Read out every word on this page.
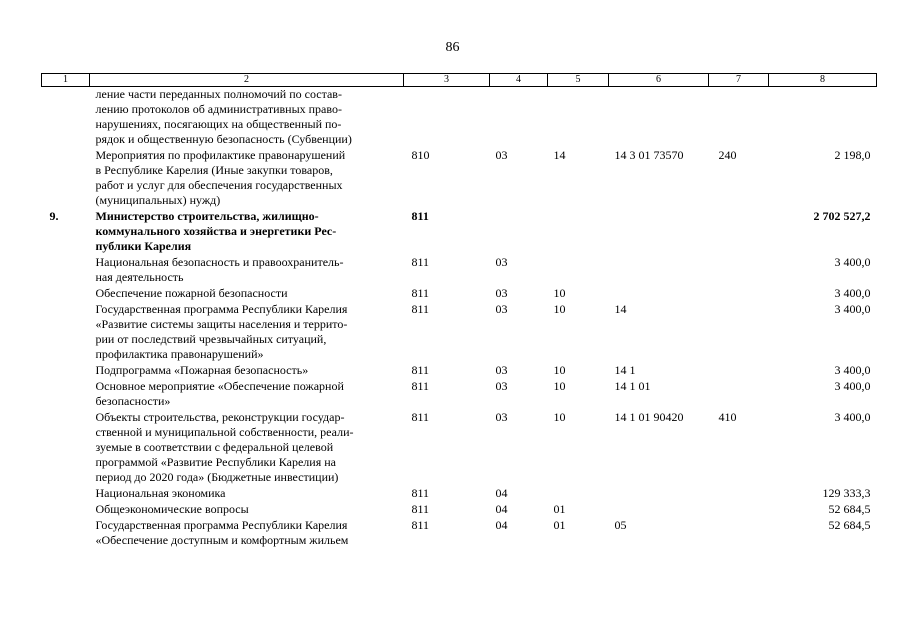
86
1	2	3	4	5	6	7	8
	ление части переданных полномочий по состав-
лению протоколов об административных право-
нарушениях, посягающих на общественный по-
рядок и общественную безопасность (Субвенции)						
	Мероприятия по профилактике правонарушений
в Республике Карелия (Иные закупки товаров,
работ и услуг для обеспечения государственных
(муниципальных) нужд)	810	03	14	14 3 01 73570	240	2 198,0
9.	Министерство строительства, жилищно-
коммунального хозяйства и энергетики Рес-
публики Карелия	811					2 702 527,2
	Национальная безопасность и правоохранитель-
ная деятельность	811	03				3 400,0
	Обеспечение пожарной безопасности	811	03	10			3 400,0
	Государственная программа Республики Карелия
«Развитие системы защиты населения и террито-
рии от последствий чрезвычайных ситуаций,
профилактика правонарушений»	811	03	10	14		3 400,0
	Подпрограмма «Пожарная безопасность»	811	03	10	14 1		3 400,0
	Основное мероприятие «Обеспечение пожарной
безопасности»	811	03	10	14 1 01		3 400,0
	Объекты строительства, реконструкции государ-
ственной и муниципальной собственности, реали-
зуемые в соответствии с федеральной целевой
программой «Развитие Республики Карелия на
период до 2020 года» (Бюджетные инвестиции)	811	03	10	14 1 01 90420	410	3 400,0
	Национальная экономика	811	04				129 333,3
	Общеэкономические вопросы	811	04	01			52 684,5
	Государственная программа Республики Карелия
«Обеспечение доступным и комфортным жильем	811	04	01	05		52 684,5
